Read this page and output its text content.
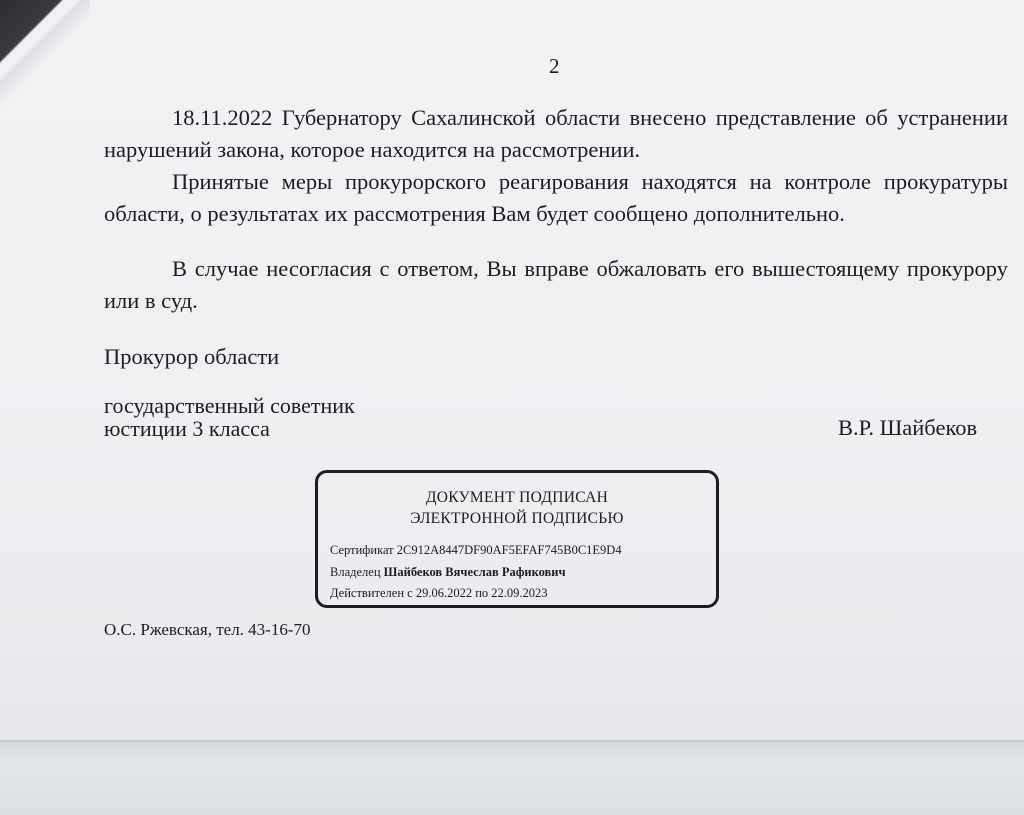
2
18.11.2022 Губернатору Сахалинской области внесено представление об устранении нарушений закона, которое находится на рассмотрении.
Принятые меры прокурорского реагирования находятся на контроле прокуратуры области, о результатах их рассмотрения Вам будет сообщено дополнительно.
В случае несогласия с ответом, Вы вправе обжаловать его вышестоящему прокурору или в суд.
Прокурор области
государственный советник
юстиции 3 класса	В.Р. Шайбеков
ДОКУМЕНТ ПОДПИСАН
ЭЛЕКТРОННОЙ ПОДПИСЬЮ
Сертификат 2C912A8447DF90AF5EFAF745B0C1E9D4
Владелец Шайбеков Вячеслав Рафикович
Действителен с 29.06.2022 по 22.09.2023
О.С. Ржевская, тел. 43-16-70
